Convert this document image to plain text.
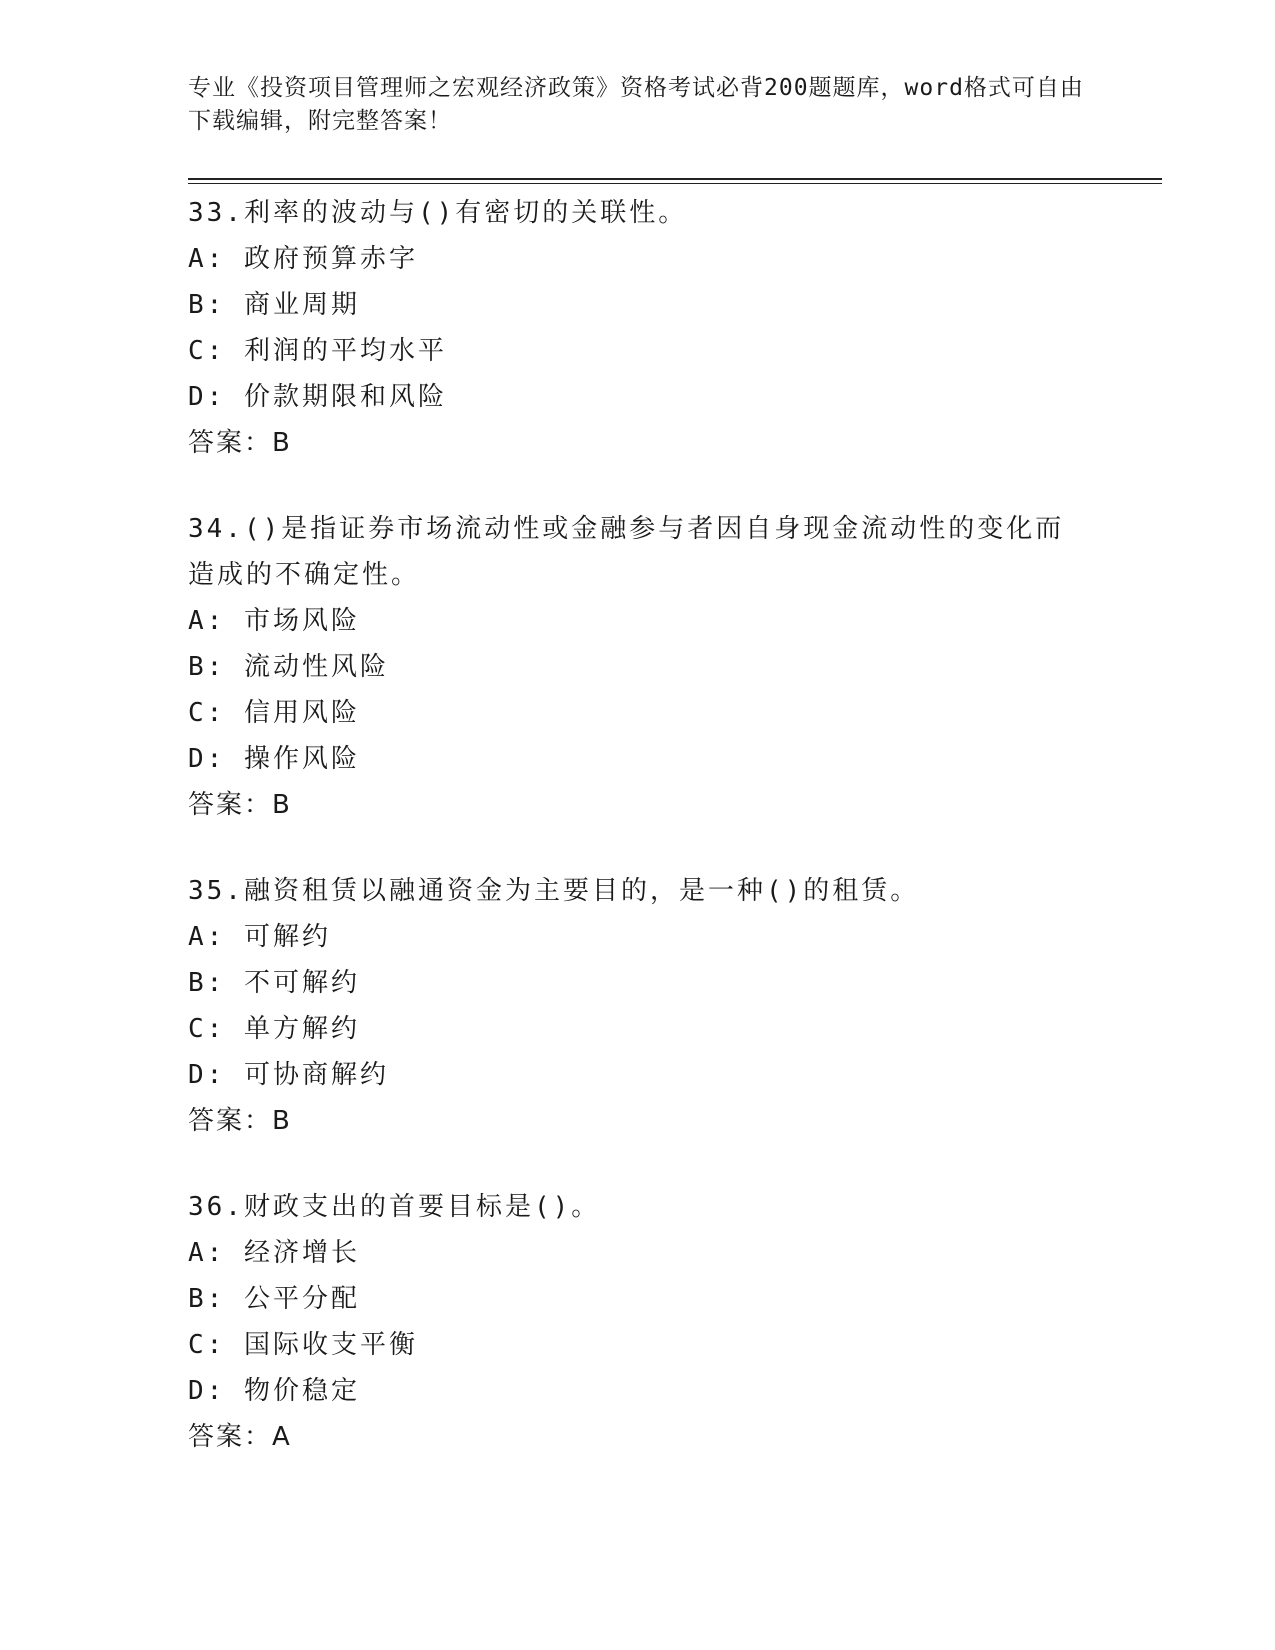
专业《投资项目管理师之宏观经济政策》资格考试必背200题题库，word格式可自由下载编辑，附完整答案！
33.利率的波动与()有密切的关联性。
A: 政府预算赤字
B: 商业周期
C: 利润的平均水平
D: 价款期限和风险
答案：B
34.()是指证券市场流动性或金融参与者因自身现金流动性的变化而造成的不确定性。
A: 市场风险
B: 流动性风险
C: 信用风险
D: 操作风险
答案：B
35.融资租赁以融通资金为主要目的，是一种()的租赁。
A: 可解约
B: 不可解约
C: 单方解约
D: 可协商解约
答案：B
36.财政支出的首要目标是()。
A: 经济增长
B: 公平分配
C: 国际收支平衡
D: 物价稳定
答案：A
